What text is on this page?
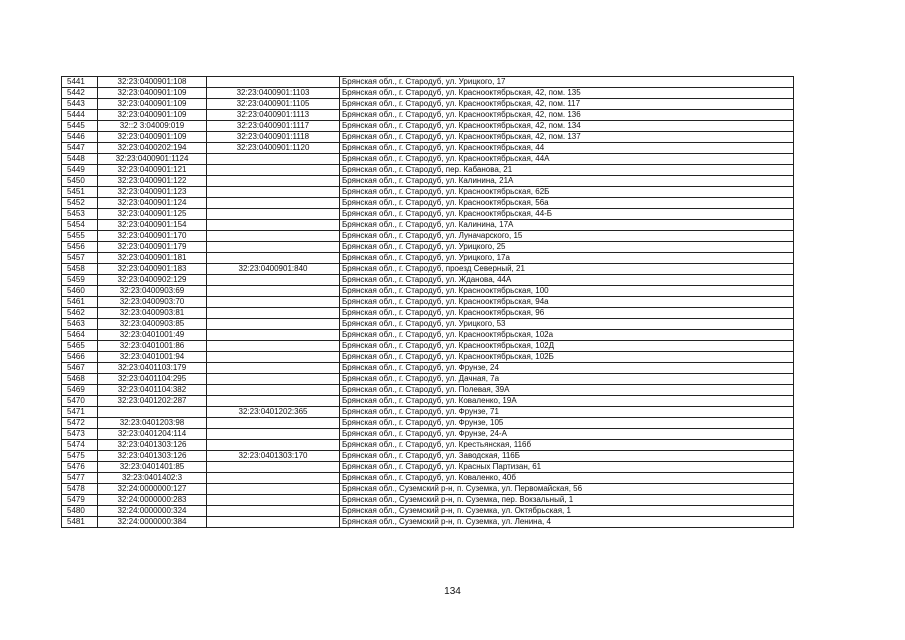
5441	32:23:0400901:108		Брянская обл., г. Стародуб, ул. Урицкого, 17
5442	32:23:0400901:109	32:23:0400901:1103	Брянская обл., г. Стародуб, ул. Краснооктябрьская, 42, пом. 135
5443	32:23:0400901:109	32:23:0400901:1105	Брянская обл., г. Стародуб, ул. Краснооктябрьская, 42, пом. 117
5444	32:23:0400901:109	32:23:0400901:1113	Брянская обл., г. Стародуб, ул. Краснооктябрьская, 42, пом. 136
5445	32::2 3:04009:019	32:23:0400901:1117	Брянская обл., г. Стародуб, ул. Краснооктябрьская, 42, пом. 134
5446	32:23:0400901:109	32:23:0400901:1118	Брянская обл., г. Стародуб, ул. Краснооктябрьская, 42, пом. 137
5447	32:23:0400202:194	32:23:0400901:1120	Брянская обл., г. Стародуб, ул. Краснооктябрьская, 44
5448	32:23:0400901:1124		Брянская обл., г. Стародуб, ул. Краснооктябрьская, 44А
5449	32:23:0400901:121		Брянская обл., г. Стародуб, пер. Кабанова, 21
5450	32:23:0400901:122		Брянская обл., г. Стародуб, ул. Калинина, 21А
5451	32:23:0400901:123		Брянская обл., г. Стародуб, ул. Краснооктябрьская, 62Б
5452	32:23:0400901:124		Брянская обл., г. Стародуб, ул. Краснооктябрьская, 56а
5453	32:23:0400901:125		Брянская обл., г. Стародуб, ул. Краснооктябрьская, 44-Б
5454	32:23:0400901:154		Брянская обл., г. Стародуб, ул. Калинина, 17А
5455	32:23:0400901:170		Брянская обл., г. Стародуб, ул. Луначарского, 15
5456	32:23:0400901:179		Брянская обл., г. Стародуб, ул. Урицкого, 25
5457	32:23:0400901:181		Брянская обл., г. Стародуб, ул. Урицкого, 17а
5458	32:23:0400901:183	32:23:0400901:840	Брянская обл., г. Стародуб, проезд Северный, 21
5459	32:23:0400902:129		Брянская обл., г. Стародуб, ул. Жданова, 44А
5460	32:23:0400903:69		Брянская обл., г. Стародуб, ул. Краснооктябрьская, 100
5461	32:23:0400903:70		Брянская обл., г. Стародуб, ул. Краснооктябрьская, 94а
5462	32:23:0400903:81		Брянская обл., г. Стародуб, ул. Краснооктябрьская, 96
5463	32:23:0400903:85		Брянская обл., г. Стародуб, ул. Урицкого, 53
5464	32:23:0401001:49		Брянская обл., г. Стародуб, ул. Краснооктябрьская, 102а
5465	32:23:0401001:86		Брянская обл., г. Стародуб, ул. Краснооктябрьская, 102Д
5466	32:23:0401001:94		Брянская обл., г. Стародуб, ул. Краснооктябрьская, 102Б
5467	32:23:0401103:179		Брянская обл., г. Стародуб, ул. Фрунзе, 24
5468	32:23:0401104:295		Брянская обл., г. Стародуб, ул. Дачная, 7а
5469	32:23:0401104:382		Брянская обл., г. Стародуб, ул. Полевая, 39А
5470	32:23:0401202:287		Брянская обл., г. Стародуб, ул. Коваленко, 19А
5471		32:23:0401202:365	Брянская обл., г. Стародуб, ул. Фрунзе, 71
5472	32:23:0401203:98		Брянская обл., г. Стародуб, ул. Фрунзе, 105
5473	32:23:0401204:114		Брянская обл., г. Стародуб, ул. Фрунзе, 24-А
5474	32:23:0401303:126		Брянская обл., г. Стародуб, ул. Крестьянская, 116б
5475	32:23:0401303:126	32:23:0401303:170	Брянская обл., г. Стародуб, ул. Заводская, 116Б
5476	32:23:0401401:85		Брянская обл., г. Стародуб, ул. Красных Партизан, 61
5477	32:23:0401402:3		Брянская обл., г. Стародуб, ул. Коваленко, 40б
5478	32:24:0000000:127		Брянская обл., Суземский р-н, п. Суземка, ул. Первомайская, 56
5479	32:24:0000000:283		Брянская обл., Суземский р-н, п. Суземка, пер. Вокзальный, 1
5480	32:24:0000000:324		Брянская обл., Суземский р-н, п. Суземка, ул. Октябрьская, 1
5481	32:24:0000000:384		Брянская обл., Суземский р-н, п. Суземка, ул. Ленина, 4
134
